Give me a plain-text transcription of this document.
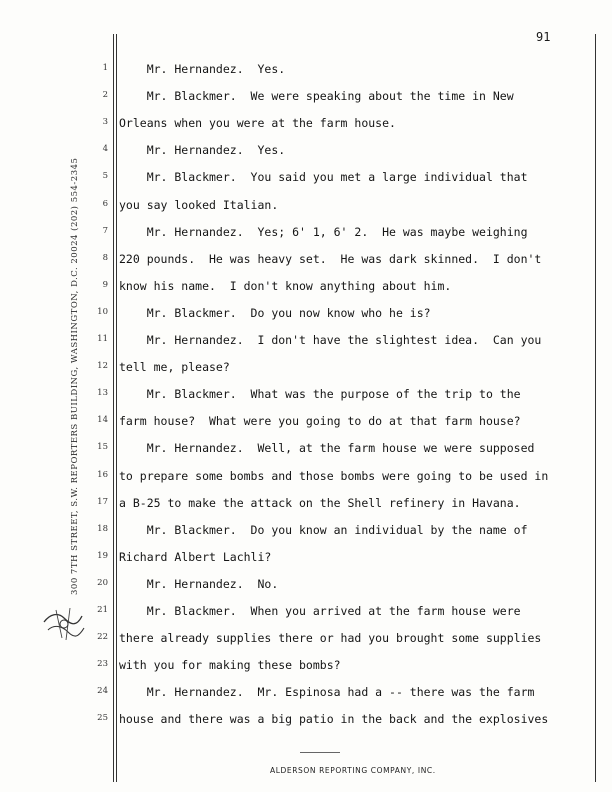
91
300 7TH STREET, S.W. REPORTERS BUILDING, WASHINGTON, D.C. 20024 (202) 554-2345
1 Mr. Hernandez.  Yes.
2 Mr. Blackmer.  We were speaking about the time in New
3 Orleans when you were at the farm house.
4 Mr. Hernandez.  Yes.
5 Mr. Blackmer.  You said you met a large individual that
6 you say looked Italian.
7 Mr. Hernandez.  Yes; 6' 1, 6' 2.  He was maybe weighing
8 220 pounds.  He was heavy set.  He was dark skinned.  I don't
9 know his name.  I don't know anything about him.
10 Mr. Blackmer.  Do you now know who he is?
11 Mr. Hernandez.  I don't have the slightest idea.  Can you
12 tell me, please?
13 Mr. Blackmer.  What was the purpose of the trip to the
14 farm house?  What were you going to do at that farm house?
15 Mr. Hernandez.  Well, at the farm house we were supposed
16 to prepare some bombs and those bombs were going to be used in
17 a B-25 to make the attack on the Shell refinery in Havana.
18 Mr. Blackmer.  Do you know an individual by the name of
19 Richard Albert Lachli?
20 Mr. Hernandez.  No.
21 Mr. Blackmer.  When you arrived at the farm house were
22 there already supplies there or had you brought some supplies
23 with you for making these bombs?
24 Mr. Hernandez.  Mr. Espinosa had a -- there was the farm
25 house and there was a big patio in the back and the explosives
ALDERSON REPORTING COMPANY, INC.
